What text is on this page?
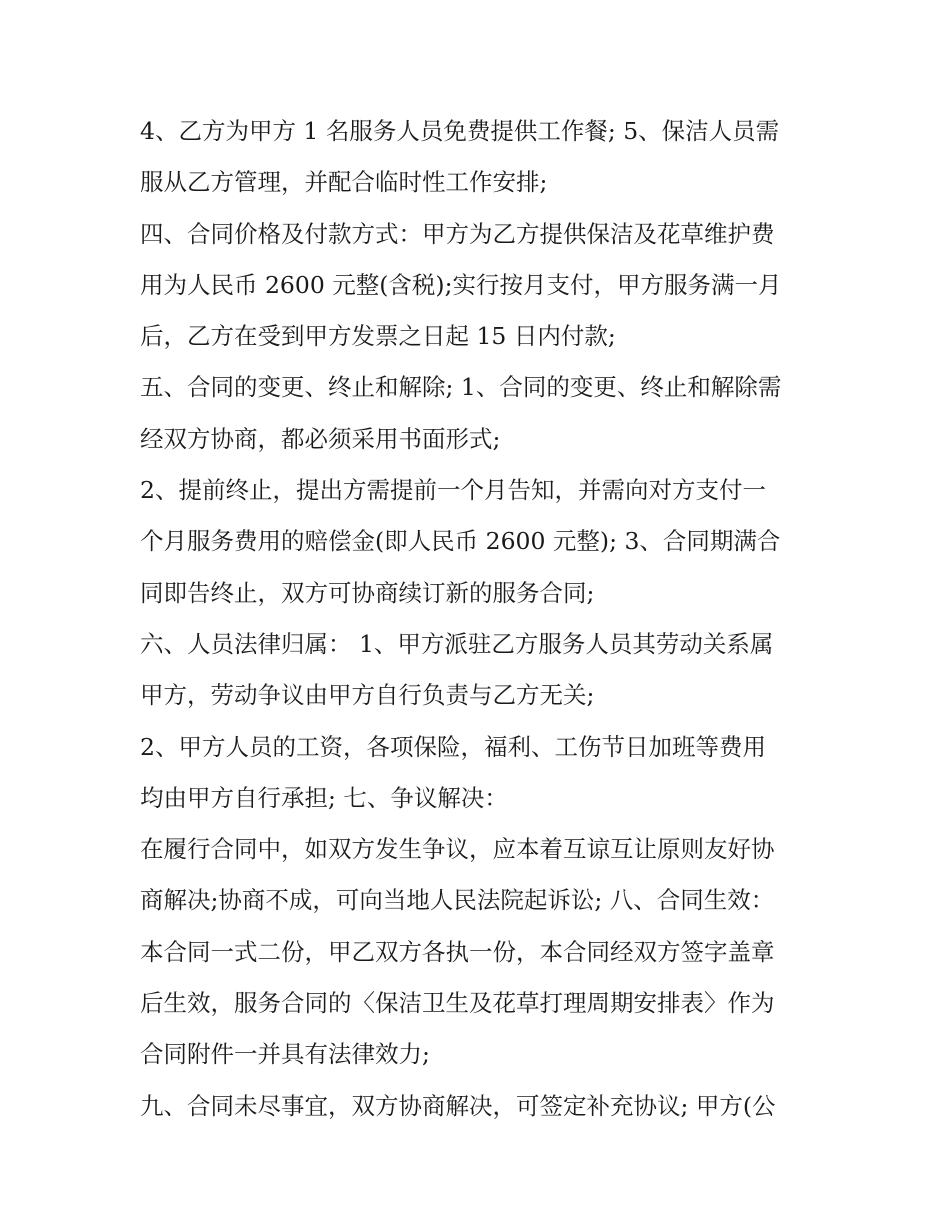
4、乙方为甲方 1 名服务人员免费提供工作餐; 5、保洁人员需
服从乙方管理，并配合临时性工作安排;
四、合同价格及付款方式：甲方为乙方提供保洁及花草维护费
用为人民币 2600 元整(含税);实行按月支付，甲方服务满一月
后，乙方在受到甲方发票之日起 15 日内付款;
五、合同的变更、终止和解除; 1、合同的变更、终止和解除需
经双方协商，都必须采用书面形式;
2、提前终止，提出方需提前一个月告知，并需向对方支付一
个月服务费用的赔偿金(即人民币 2600 元整); 3、合同期满合
同即告终止，双方可协商续订新的服务合同;
六、人员法律归属： 1、甲方派驻乙方服务人员其劳动关系属
甲方，劳动争议由甲方自行负责与乙方无关;
2、甲方人员的工资，各项保险，福利、工伤节日加班等费用
均由甲方自行承担; 七、争议解决：
在履行合同中，如双方发生争议，应本着互谅互让原则友好协
商解决;协商不成，可向当地人民法院起诉讼; 八、合同生效：
本合同一式二份，甲乙双方各执一份，本合同经双方签字盖章
后生效，服务合同的〈保洁卫生及花草打理周期安排表〉作为
合同附件一并具有法律效力;
九、合同未尽事宜，双方协商解决，可签定补充协议; 甲方(公
